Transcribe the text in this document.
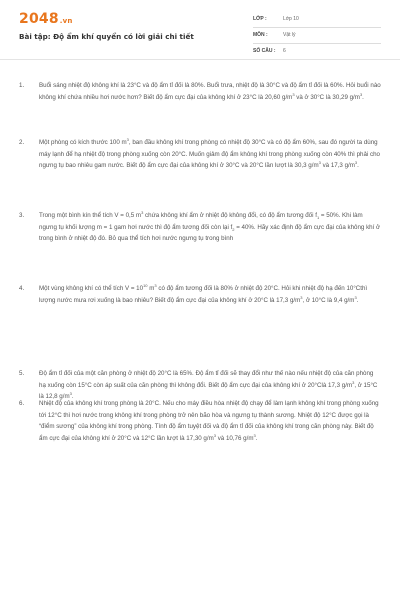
2048.vn
Bài tập: Độ ẩm khí quyển có lời giải chi tiết
LỚP :	Lớp 10
MÔN :	Vật lý
SỐ CÂU : 6
1. Buổi sáng nhiệt độ không khí là 23°C và độ ẩm tỉ đối là 80%. Buổi trưa, nhiệt độ là 30°C và độ ẩm tỉ đối là 60%. Hỏi buổi nào không khí chứa nhiều hơi nước hơn? Biết độ ẩm cực đại của không khí ở 23°C là 20,60 $g/m^3$ và ở 30°C là 30,29 $g/m^3$.

2. Một phòng có kích thước 100 $m^3$, ban đầu không khí trong phòng có nhiệt độ 30°C và có độ ẩm 60%, sau đó người ta dùng máy lạnh để hạ nhiệt độ trong phòng xuống còn 20°C. Muốn giảm độ ẩm không khí trong phòng xuống còn 40% thì phải cho ngưng tụ bao nhiêu gam nước. Biết độ ẩm cực đại của không khí ở 30°C và 20°C lần lượt là 30,3 $g/m^3$ và 17,3 $g/m^3$.

3. Trong một bình kín thể tích V = 0,5 $m^3$ chứa không khí ẩm ở nhiệt độ không đổi, có độ ẩm tương đối $f_1 = 50\%$. Khi làm ngưng tụ khối lượng m = 1 gam hơi nước thì độ ẩm tương đối còn lại $f_2 = 40\%$. Hãy xác định độ ẩm cực đại của không khí ở trong bình ở nhiệt độ đó. Bỏ qua thể tích hơi nước ngưng tụ trong bình

4. Một vùng không khí có thể tích $V = 10^{10}$ $m^3$ có độ ẩm tương đối là 80% ở nhiệt độ 20°C. Hỏi khi nhiệt độ hạ đến 10°Cthì lượng nước mưa rơi xuống là bao nhiêu? Biết độ ẩm cực đại của không khí ở 20°C là 17,3 $g/m^3$, ở 10°C là 9,4 $g/m^3$.

5. Độ ẩm tỉ đối của một căn phòng ở nhiệt độ 20°C là 65%. Độ ẩm tỉ đối sẽ thay đổi như thế nào nếu nhiệt độ của căn phòng hạ xuống còn 15°C còn áp suất của căn phòng thì không đổi. Biết độ ẩm cực đại của không khí ở 20°Clà 17,3 $g/m^3$, ở 15°C là 12,8 $g/m^3$.

6. Nhiệt độ của không khí trong phòng là 20°C. Nếu cho máy điều hòa nhiệt độ chạy để làm lạnh không khí trong phòng xuống tới 12°C thì hơi nước trong không khí trong phòng trở nên bão hòa và ngưng tụ thành sương. Nhiệt độ 12°C được gọi là “điểm sương” của không khí trong phòng. Tính độ ẩm tuyệt đối và độ ẩm tỉ đối của không khí trong căn phòng này. Biết độ ẩm cực đại của không khí ở 20°C và 12°C lần lượt là 17,30 $g/m^3$ và 10,76 $g/m^3$.
